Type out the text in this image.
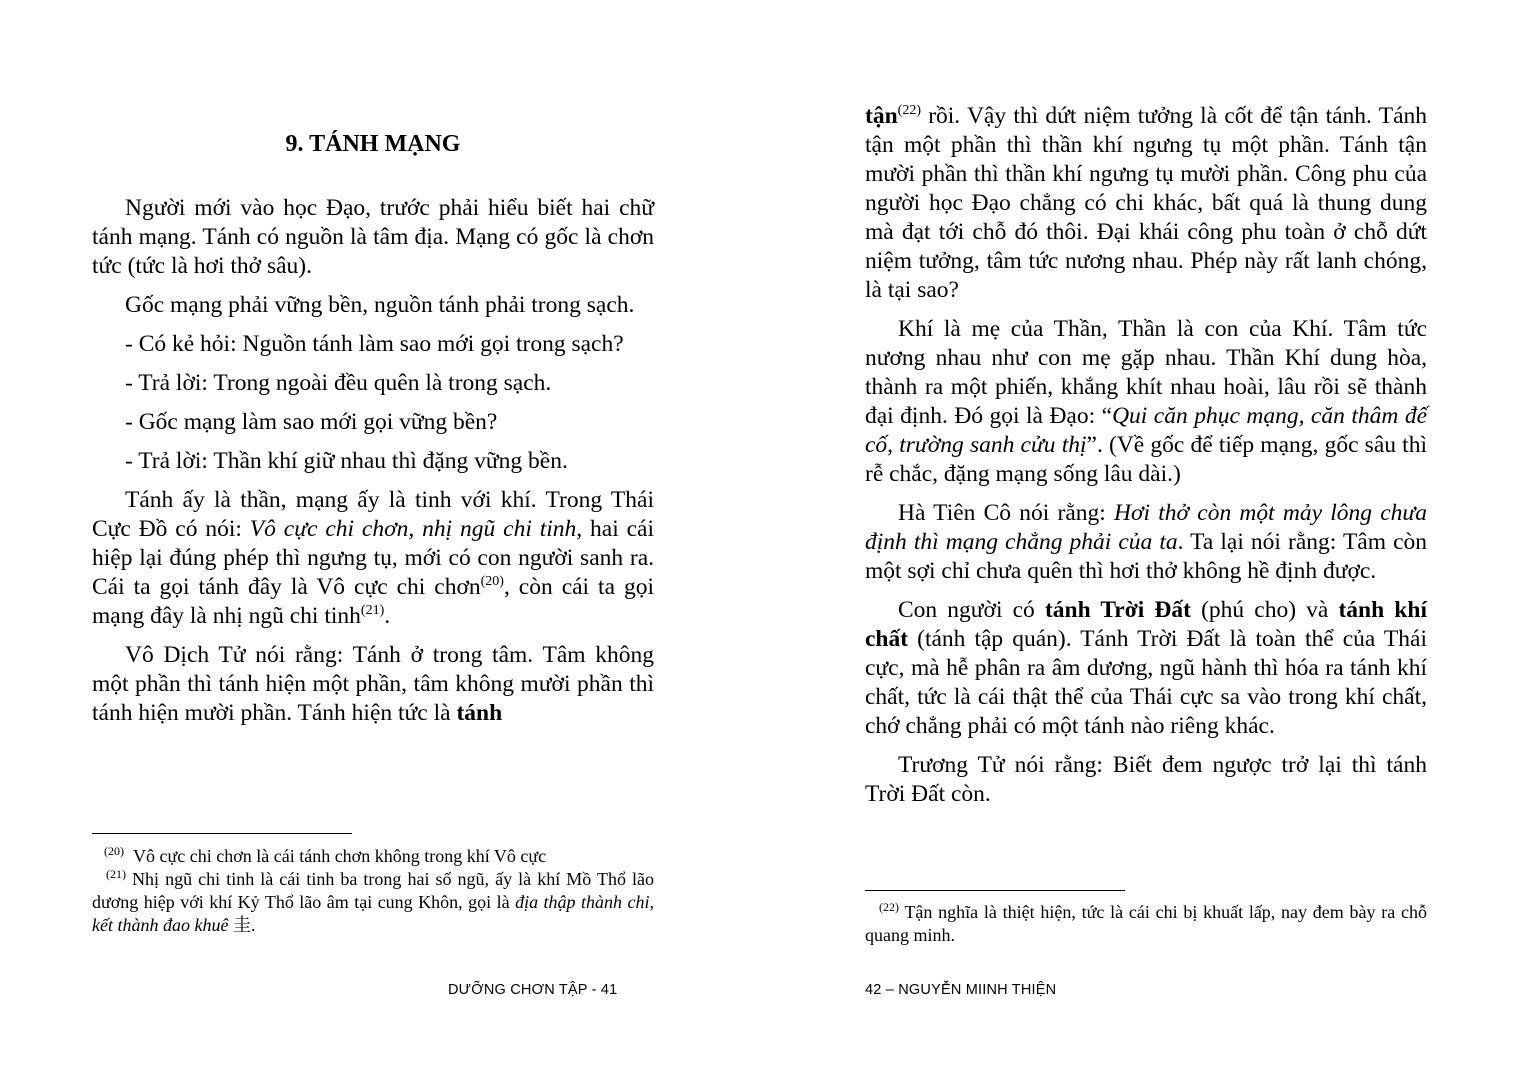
9. TÁNH MẠNG

Người mới vào học Đạo, trước phải hiểu biết hai chữ tánh mạng. Tánh có nguồn là tâm địa. Mạng có gốc là chơn tức (tức là hơi thở sâu).

Gốc mạng phải vững bền, nguồn tánh phải trong sạch.

- Có kẻ hỏi: Nguồn tánh làm sao mới gọi trong sạch?

- Trả lời: Trong ngoài đều quên là trong sạch.

- Gốc mạng làm sao mới gọi vững bền?

- Trả lời: Thần khí giữ nhau thì đặng vững bền.

Tánh ấy là thần, mạng ấy là tinh với khí. Trong Thái Cực Đồ có nói: Vô cực chi chơn, nhị ngũ chi tinh, hai cái hiệp lại đúng phép thì ngưng tụ, mới có con người sanh ra. Cái ta gọi tánh đây là Vô cực chi chơn$^{(20)}$, còn cái ta gọi mạng đây là nhị ngũ chi tinh$^{(21)}$.

Vô Dịch Tử nói rằng: Tánh ở trong tâm. Tâm không một phần thì tánh hiện một phần, tâm không mười phần thì tánh hiện mười phần. Tánh hiện tức là tánh

$^{(20)}$ Vô cực chi chơn là cái tánh chơn không trong khí Vô cực
$^{(21)}$ Nhị ngũ chi tinh là cái tinh ba trong hai số ngũ, ấy là khí Mồ Thổ lão dương hiệp với khí Kỷ Thổ lão âm tại cung Khôn, gọi là địa thập thành chi, kết thành đao khuê 圭.
DƯỠNG CHƠN TẬP - 41

tận$^{(22)}$ rồi. Vậy thì dứt niệm tưởng là cốt để tận tánh. Tánh tận một phần thì thần khí ngưng tụ một phần. Tánh tận mười phần thì thần khí ngưng tụ mười phần. Công phu của người học Đạo chẳng có chi khác, bất quá là thung dung mà đạt tới chỗ đó thôi. Đại khái công phu toàn ở chỗ dứt niệm tưởng, tâm tức nương nhau. Phép này rất lanh chóng, là tại sao?

Khí là mẹ của Thần, Thần là con của Khí. Tâm tức nương nhau như con mẹ gặp nhau. Thần Khí dung hòa, thành ra một phiến, khắng khít nhau hoài, lâu rồi sẽ thành đại định. Đó gọi là Đạo: “Qui căn phục mạng, căn thâm đế cố, trường sanh cửu thị”. (Về gốc để tiếp mạng, gốc sâu thì rễ chắc, đặng mạng sống lâu dài.)

Hà Tiên Cô nói rằng: Hơi thở còn một mảy lông chưa định thì mạng chẳng phải của ta. Ta lại nói rằng: Tâm còn một sợi chỉ chưa quên thì hơi thở không hề định được.

Con người có tánh Trời Đất (phú cho) và tánh khí chất (tánh tập quán). Tánh Trời Đất là toàn thể của Thái cực, mà hễ phân ra âm dương, ngũ hành thì hóa ra tánh khí chất, tức là cái thật thể của Thái cực sa vào trong khí chất, chớ chẳng phải có một tánh nào riêng khác.

Trương Tử nói rằng: Biết đem ngược trở lại thì tánh Trời Đất còn.

$^{(22)}$ Tận nghĩa là thiệt hiện, tức là cái chi bị khuất lấp, nay đem bày ra chỗ quang minh.
42 – NGUYỄN MIINH THIỆN
